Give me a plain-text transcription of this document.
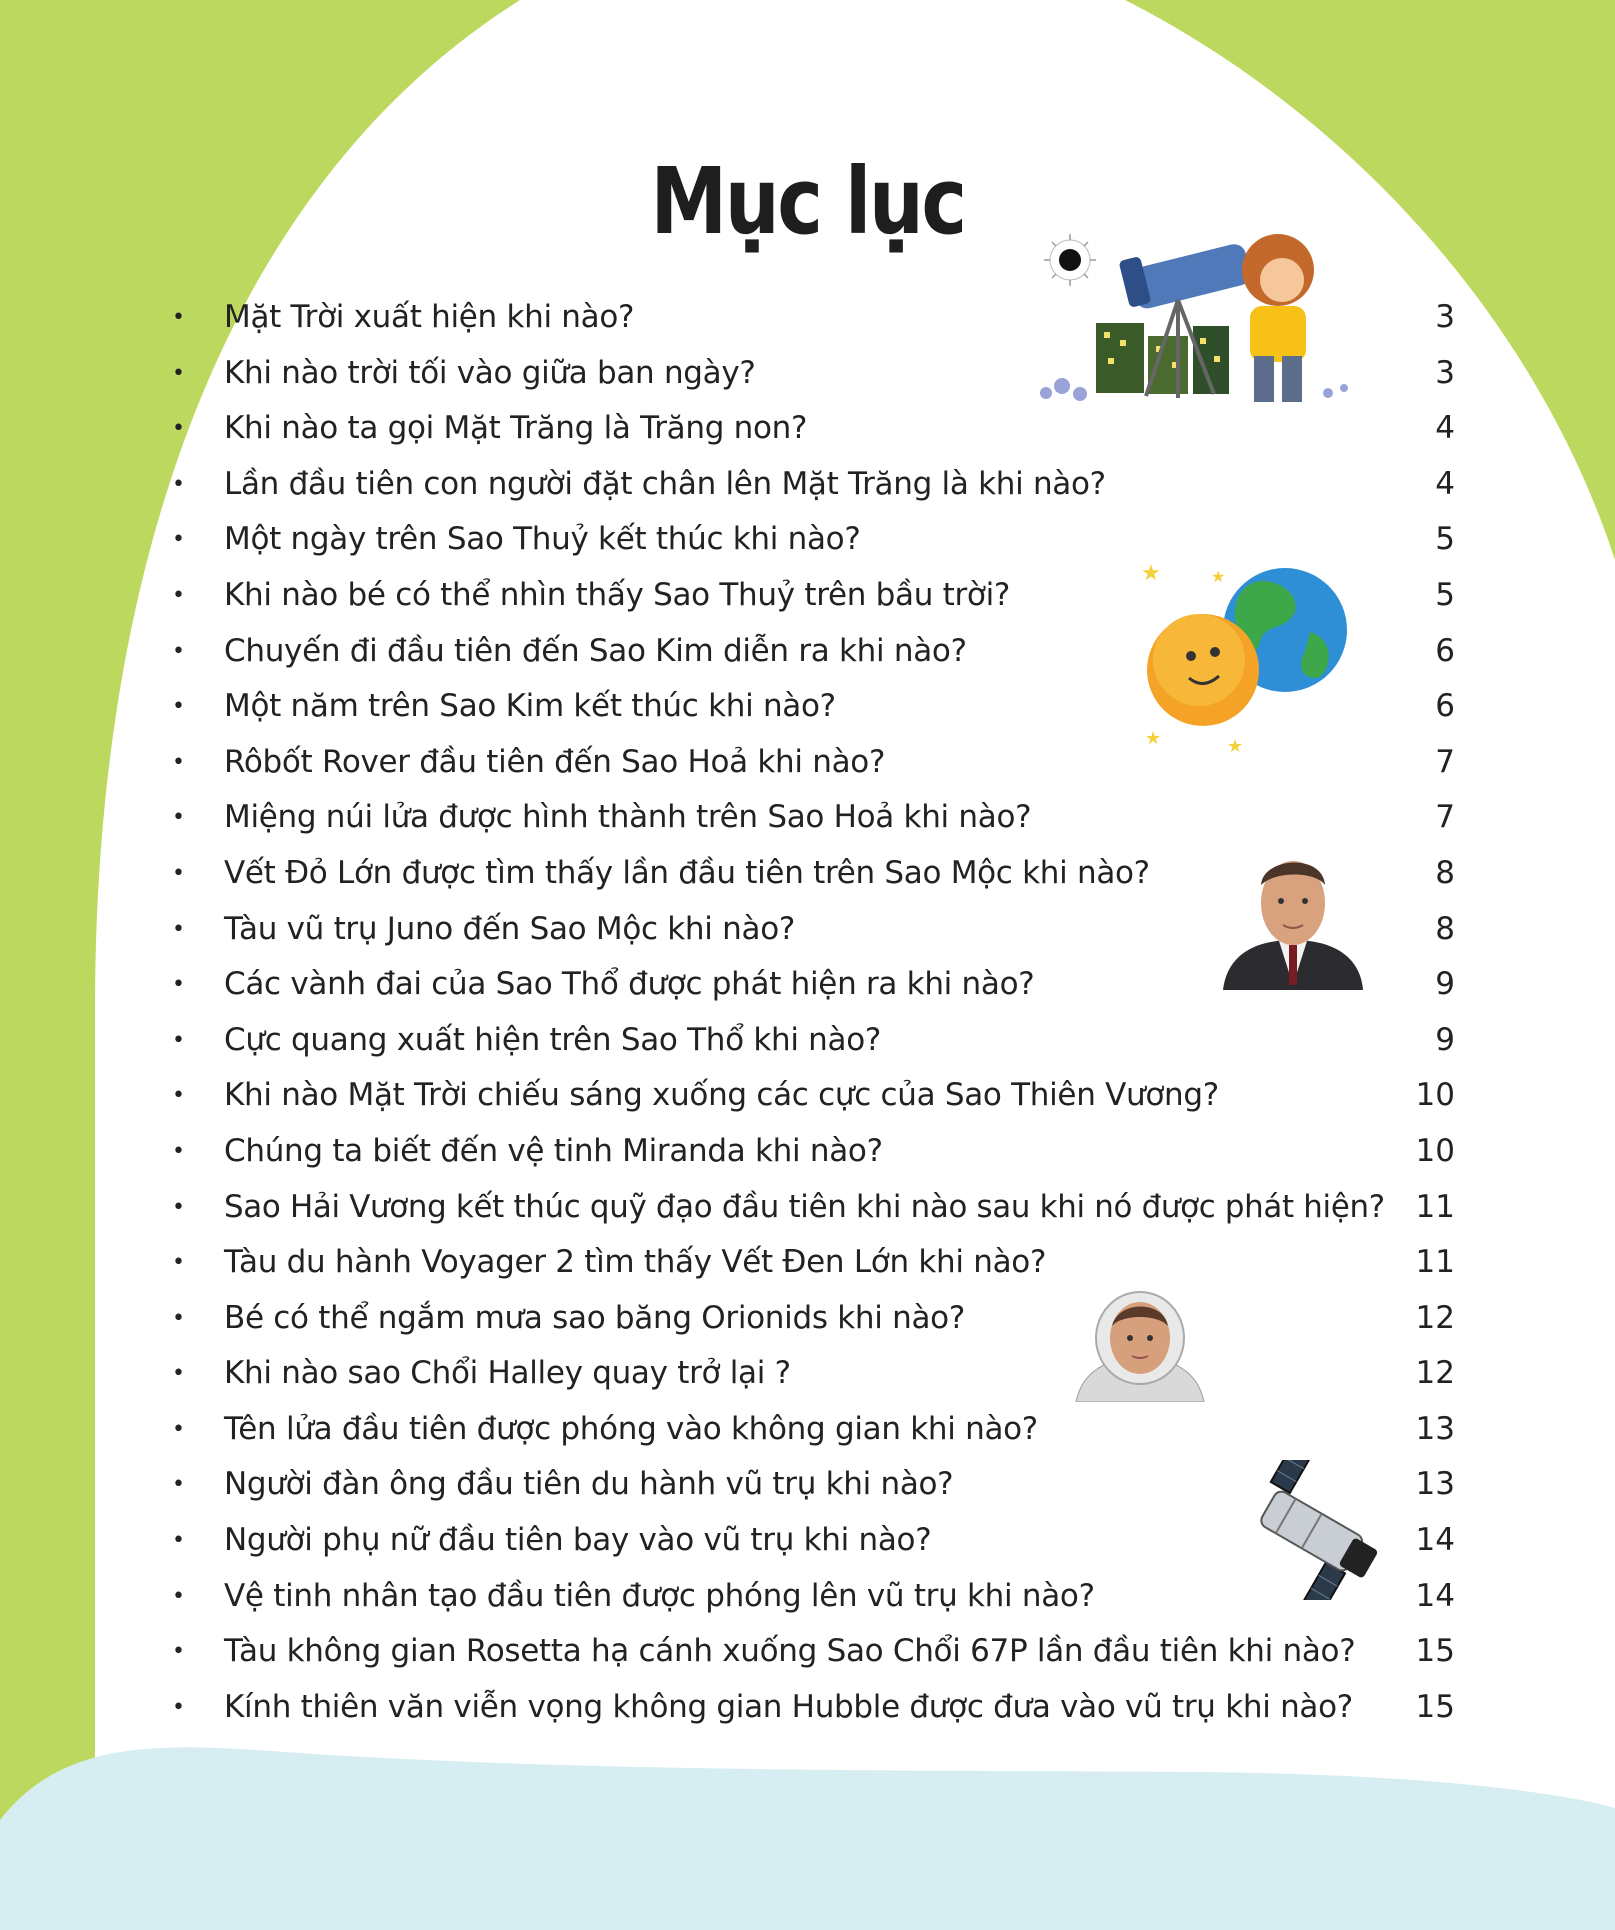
Mục lục
• Mặt Trời xuất hiện khi nào?	3
• Khi nào trời tối vào giữa ban ngày?	3
• Khi nào ta gọi Mặt Trăng là Trăng non?	4
• Lần đầu tiên con người đặt chân lên Mặt Trăng là khi nào?	4
• Một ngày trên Sao Thuỷ kết thúc khi nào?	5
• Khi nào bé có thể nhìn thấy Sao Thuỷ trên bầu trời?	5
• Chuyến đi đầu tiên đến Sao Kim diễn ra khi nào?	6
• Một năm trên Sao Kim kết thúc khi nào?	6
• Rôbốt Rover đầu tiên đến Sao Hoả khi nào?	7
• Miệng núi lửa được hình thành trên Sao Hoả khi nào?	7
• Vết Đỏ Lớn được tìm thấy lần đầu tiên trên Sao Mộc khi nào?	8
• Tàu vũ trụ Juno đến Sao Mộc khi nào?	8
• Các vành đai của Sao Thổ được phát hiện ra khi nào?	9
• Cực quang xuất hiện trên Sao Thổ khi nào?	9
• Khi nào Mặt Trời chiếu sáng xuống các cực của Sao Thiên Vương?	10
• Chúng ta biết đến vệ tinh Miranda khi nào?	10
• Sao Hải Vương kết thúc quỹ đạo đầu tiên khi nào sau khi nó được phát hiện? 11
• Tàu du hành Voyager 2 tìm thấy Vết Đen Lớn khi nào?	11
• Bé có thể ngắm mưa sao băng Orionids khi nào?	12
• Khi nào sao Chổi Halley quay trở lại ?	12
• Tên lửa đầu tiên được phóng vào không gian khi nào?	13
• Người đàn ông đầu tiên du hành vũ trụ khi nào?	13
• Người phụ nữ đầu tiên bay vào vũ trụ khi nào?	14
• Vệ tinh nhân tạo đầu tiên được phóng lên vũ trụ khi nào?	14
• Tàu không gian Rosetta hạ cánh xuống Sao Chổi 67P lần đầu tiên khi nào? 15
• Kính thiên văn viễn vọng không gian Hubble được đưa vào vũ trụ khi nào? 15
★	★
★	★
